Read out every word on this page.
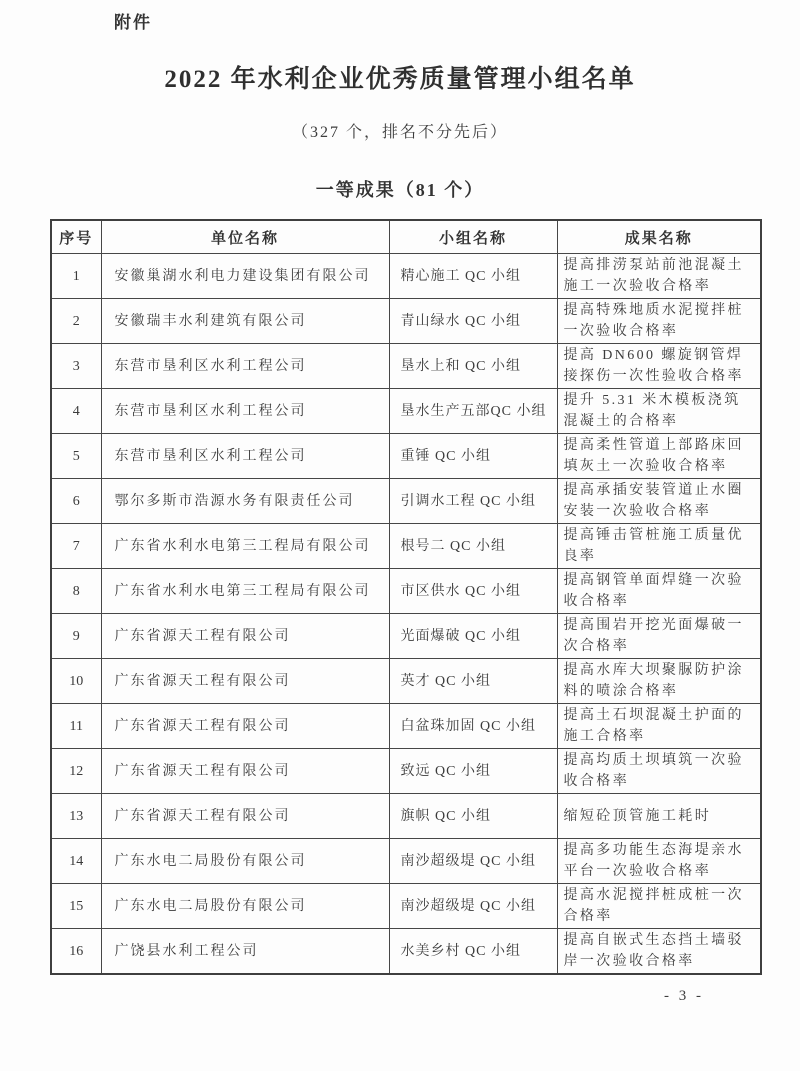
附件
2022 年水利企业优秀质量管理小组名单
（327 个，排名不分先后）
一等成果（81 个）
序号	单位名称	小组名称	成果名称
1	安徽巢湖水利电力建设集团有限公司	精心施工 QC 小组	提高排涝泵站前池混凝土施工一次验收合格率
2	安徽瑞丰水利建筑有限公司	青山绿水 QC 小组	提高特殊地质水泥搅拌桩一次验收合格率
3	东营市垦利区水利工程公司	垦水上和 QC 小组	提高 DN600 螺旋钢管焊接探伤一次性验收合格率
4	东营市垦利区水利工程公司	垦水生产五部QC 小组	提升 5.31 米木模板浇筑混凝土的合格率
5	东营市垦利区水利工程公司	重锤 QC 小组	提高柔性管道上部路床回填灰土一次验收合格率
6	鄂尔多斯市浩源水务有限责任公司	引调水工程 QC 小组	提高承插安装管道止水圈安装一次验收合格率
7	广东省水利水电第三工程局有限公司	根号二 QC 小组	提高锤击管桩施工质量优良率
8	广东省水利水电第三工程局有限公司	市区供水 QC 小组	提高钢管单面焊缝一次验收合格率
9	广东省源天工程有限公司	光面爆破 QC 小组	提高围岩开挖光面爆破一次合格率
10	广东省源天工程有限公司	英才 QC 小组	提高水库大坝聚脲防护涂料的喷涂合格率
11	广东省源天工程有限公司	白盆珠加固 QC 小组	提高土石坝混凝土护面的施工合格率
12	广东省源天工程有限公司	致远 QC 小组	提高均质土坝填筑一次验收合格率
13	广东省源天工程有限公司	旗帜 QC 小组	缩短砼顶管施工耗时
14	广东水电二局股份有限公司	南沙超级堤 QC 小组	提高多功能生态海堤亲水平台一次验收合格率
15	广东水电二局股份有限公司	南沙超级堤 QC 小组	提高水泥搅拌桩成桩一次合格率
16	广饶县水利工程公司	水美乡村 QC 小组	提高自嵌式生态挡土墙驳岸一次验收合格率
- 3 -
